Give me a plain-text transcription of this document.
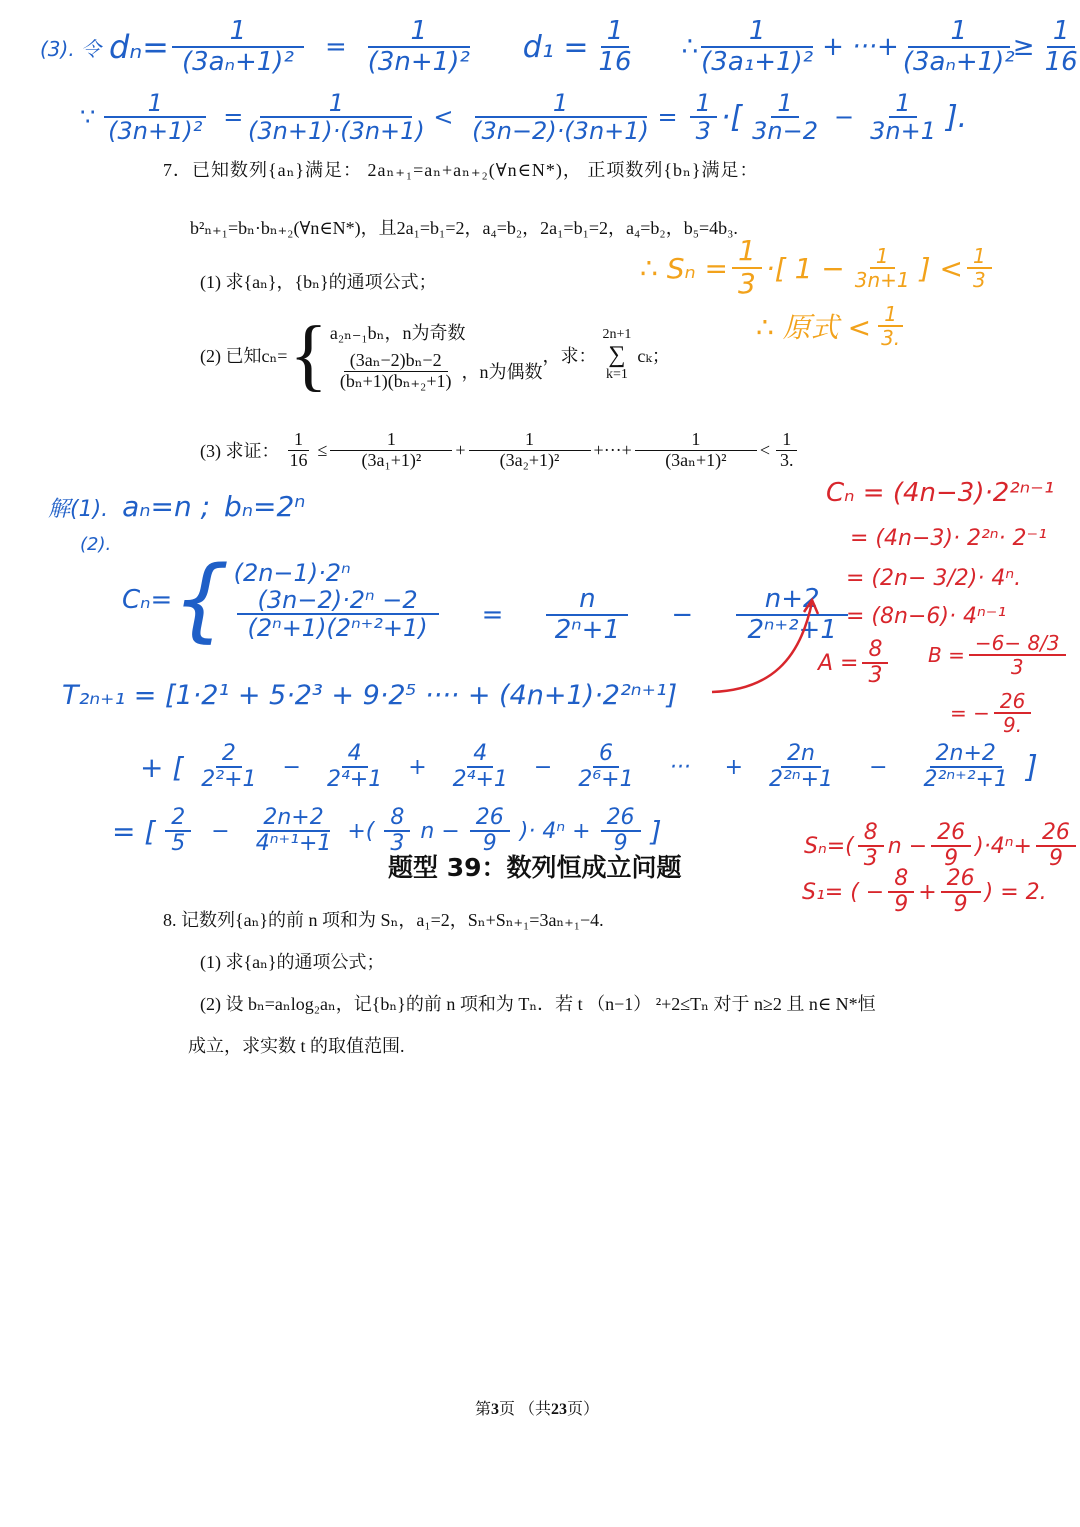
(3). 令 $d_n= \frac{1}{\text{(3aₙ+1)²}} = \frac{1}{\text{(3n+1)²}} d_1 = \frac{1}{16}$ ∴ $\frac{1}{\text{(3a₁+1)²}}$ + ···+ $\frac{1}{\text{(3aₙ+1)²}} \ge \frac{1}{16}$
∵ $\frac{1}{\text{(3n+1)²}} = \frac{1}{(3n+1)\cdot(3n+1)} < \frac{1}{(3n-2)\cdot(3n+1)} = \frac{1}{3}$ ·[ $\frac{1}{3n-2} - \frac{1}{3n+1}$ ].
7．已知数列{aₙ}满足： 2aₙ₊₁=aₙ+aₙ₊₂(∀n∈N*)， 正项数列{bₙ}满足：
b²ₙ₊₁=bₙ·bₙ₊₂(∀n∈N*)，且2a₁=b₁=2，a₄=b₂，2a₁=b₁=2，a₄=b₂，b₅=4b₃.
(1) 求{aₙ}，{bₙ}的通项公式；
(2) 已知cₙ= { a₂ₙ₋₁bₙ，n为奇数
$\frac{\text{(3aₙ−2)bₙ−2}}{\text{(bₙ+1)(bₙ₊₂+1)}}$ ，n为偶数
，求：
2n+1
∑
k=1
cₖ；
(3) 求证： $\frac{1}{16} \le \frac{1}{\text{(3a₁+1)²}} + \frac{1}{\text{(3a₂+1)²}}$ +···+ $\frac{1}{\text{(3aₙ+1)²}} < \frac{1}{3.}$
∴ $S_n = \frac{1}{3}$ ·[ $1 - \frac{1}{3n+1}$ ] < $\frac{1}{3}$
∴ 原式 < $\frac{1}{3.}$
解(1). aₙ=n ; bₙ=2ⁿ
(2).
Cₙ= { (2n−1)·2ⁿ
$\frac{\text{(3n−2)·2ⁿ −2}}{\text{(2ⁿ+1)(2ⁿ⁺²+1)}} = \frac{n}{\text{2ⁿ+1}} - \frac{n+2}{\text{2ⁿ⁺²+1}}$
T₂ₙ₊₁ = [1·2¹ + 5·2³ + 9·2⁵ ···· + (4n+1)·2²ⁿ⁺¹]
+ [ $\frac{2}{\text{2²+1}} - \frac{4}{\text{2⁴+1}} + \frac{4}{\text{2⁴+1}} - \frac{6}{\text{2⁶+1}}$ ··· + $\frac{2n}{\text{2²ⁿ+1}} - \frac{2n+2}{\text{2²ⁿ⁺²+1}}$ ]
= [ $\frac{2}{5} - \frac{2n+2}{\text{4ⁿ⁺¹+1}}$ +( $\frac{8}{3}$ $n - \frac{26}{9}$ )· $4^n + \frac{26}{9}$ ]
Cₙ = (4n−3)·2²ⁿ⁻¹
= (4n−3)· 2²ⁿ· 2⁻¹
= (2n− 3/2)· 4ⁿ.
= (8n−6)· 4ⁿ⁻¹
$A = \frac{8}{3}$ $B = \frac{-6- 8/3}{3}$
= − $\frac{26}{9.}$
$S_n=( \frac{8}{3}$ $n - \frac{26}{9} )\cdot 4^n+ \frac{26}{9}$
S₁= ( − $\frac{8}{9} + \frac{26}{9}$ ) = 2.
题型 39：数列恒成立问题
8. 记数列{aₙ}的前 n 项和为 Sₙ，a₁=2，Sₙ+Sₙ₊₁=3aₙ₊₁−4.
(1) 求{aₙ}的通项公式；
(2) 设 bₙ=aₙlog₂aₙ，记{bₙ}的前 n 项和为 Tₙ．若 t （n−1） ²+2≤Tₙ 对于 n≥2 且 n∈ N*恒
成立，求实数 t 的取值范围.
第3页 （共23页）
